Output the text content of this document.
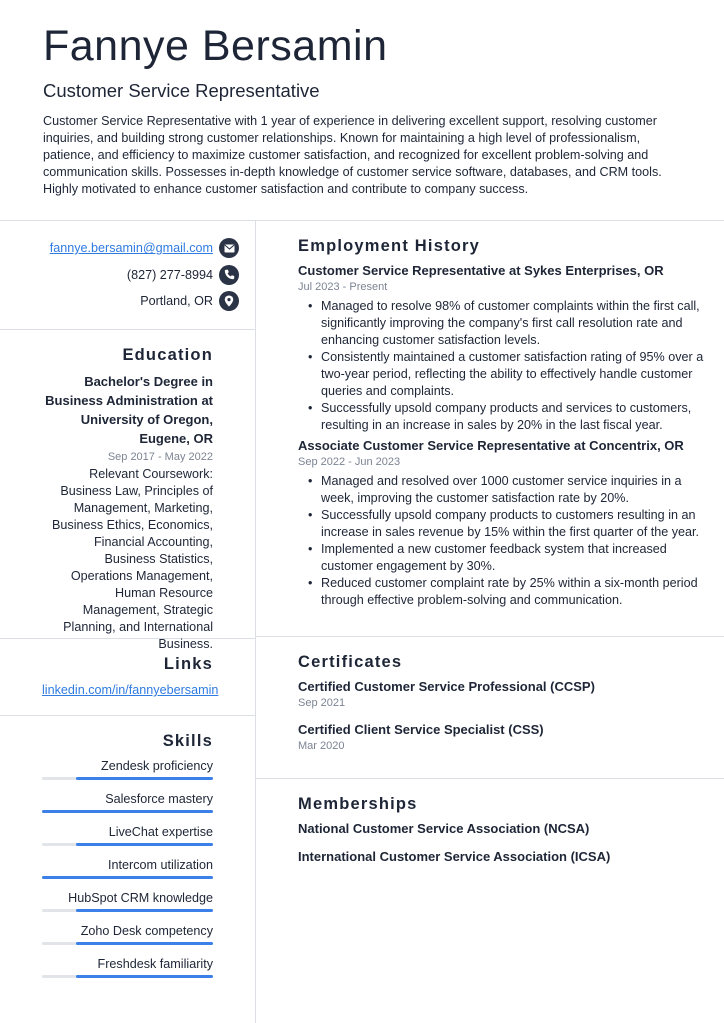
Fannye Bersamin
Customer Service Representative
Customer Service Representative with 1 year of experience in delivering excellent support, resolving customer inquiries, and building strong customer relationships. Known for maintaining a high level of professionalism, patience, and efficiency to maximize customer satisfaction, and recognized for excellent problem-solving and communication skills. Possesses in-depth knowledge of customer service software, databases, and CRM tools. Highly motivated to enhance customer satisfaction and contribute to company success.
fannye.bersamin@gmail.com
(827) 277-8994
Portland, OR
Education
Bachelor's Degree in Business Administration at University of Oregon, Eugene, OR
Sep 2017 - May 2022
Relevant Coursework: Business Law, Principles of Management, Marketing, Business Ethics, Economics, Financial Accounting, Business Statistics, Operations Management, Human Resource Management, Strategic Planning, and International Business.
Links
linkedin.com/in/fannyebersamin
Skills
Zendesk proficiency
Salesforce mastery
LiveChat expertise
Intercom utilization
HubSpot CRM knowledge
Zoho Desk competency
Freshdesk familiarity
Employment History
Customer Service Representative at Sykes Enterprises, OR
Jul 2023 - Present
• Managed to resolve 98% of customer complaints within the first call, significantly improving the company's first call resolution rate and enhancing customer satisfaction levels.
• Consistently maintained a customer satisfaction rating of 95% over a two-year period, reflecting the ability to effectively handle customer queries and complaints.
• Successfully upsold company products and services to customers, resulting in an increase in sales by 20% in the last fiscal year.
Associate Customer Service Representative at Concentrix, OR
Sep 2022 - Jun 2023
• Managed and resolved over 1000 customer service inquiries in a week, improving the customer satisfaction rate by 20%.
• Successfully upsold company products to customers resulting in an increase in sales revenue by 15% within the first quarter of the year.
• Implemented a new customer feedback system that increased customer engagement by 30%.
• Reduced customer complaint rate by 25% within a six-month period through effective problem-solving and communication.
Certificates
Certified Customer Service Professional (CCSP)
Sep 2021
Certified Client Service Specialist (CSS)
Mar 2020
Memberships
National Customer Service Association (NCSA)
International Customer Service Association (ICSA)
